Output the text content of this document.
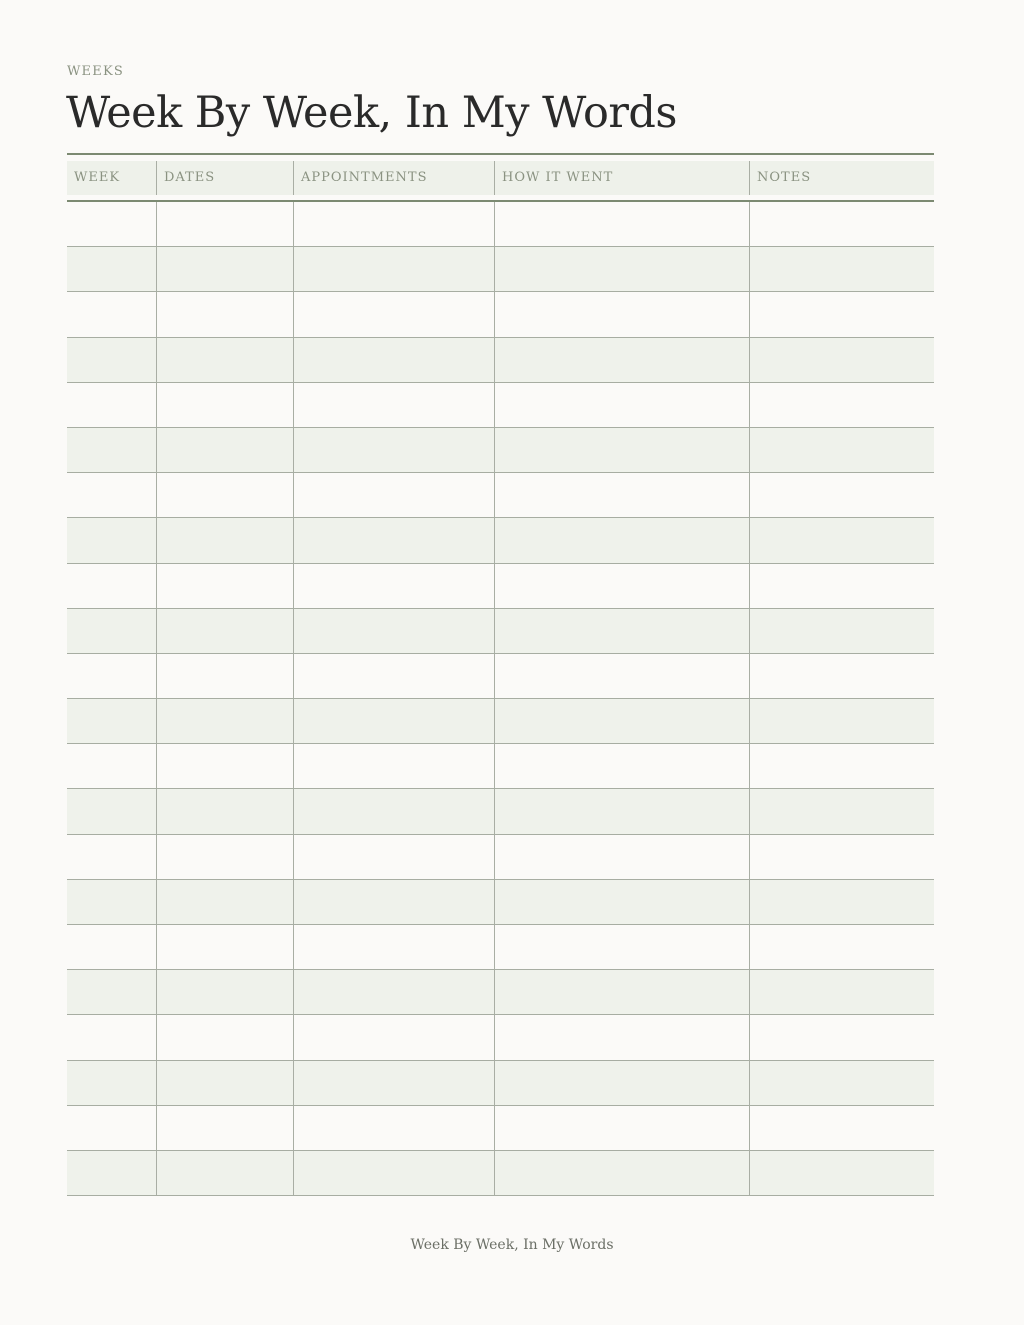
WEEKS
Week By Week, In My Words
WEEK	DATES	APPOINTMENTS	HOW IT WENT	NOTES
Week By Week, In My Words
